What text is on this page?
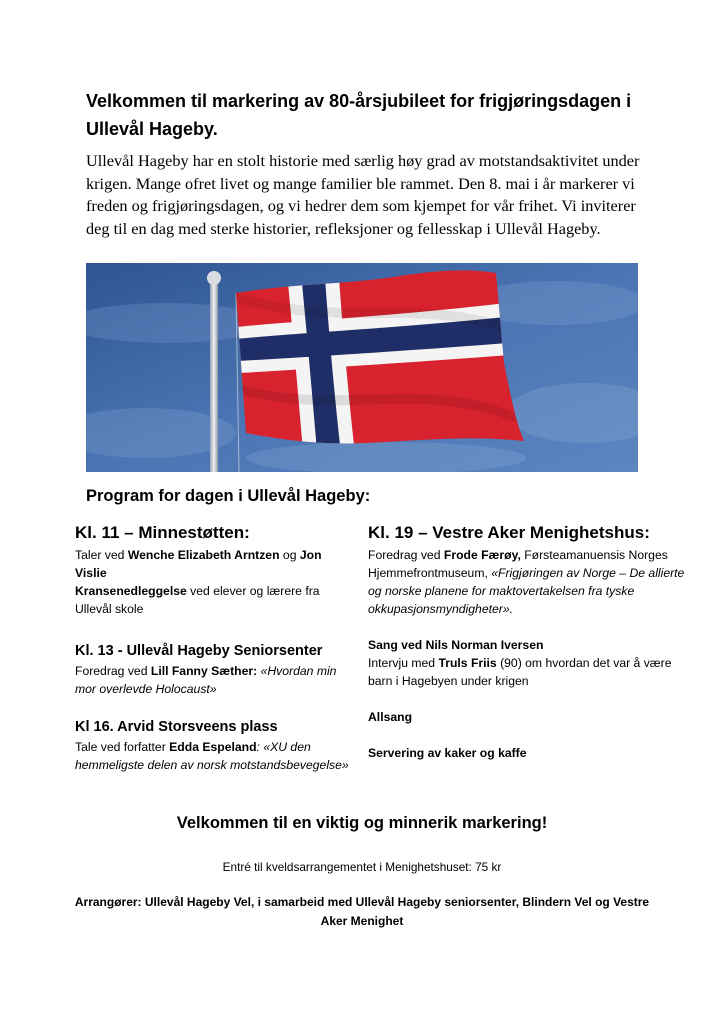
Velkommen til markering av 80-årsjubileet for frigjøringsdagen i Ullevål Hageby.
Ullevål Hageby har en stolt historie med særlig høy grad av motstandsaktivitet under krigen. Mange ofret livet og mange familier ble rammet. Den 8. mai i år markerer vi freden og frigjøringsdagen, og vi hedrer dem som kjempet for vår frihet. Vi inviterer deg til en dag med sterke historier, refleksjoner og fellesskap i Ullevål Hageby.
Program for dagen i Ullevål Hageby:
Kl. 11 – Minnestøtten:
Taler ved Wenche Elizabeth Arntzen og Jon Vislie
Kransenedleggelse ved elever og lærere fra Ullevål skole
Kl. 13 - Ullevål Hageby Seniorsenter
Foredrag ved Lill Fanny Sæther: «Hvordan min mor overlevde Holocaust»
Kl 16. Arvid Storsveens plass
Tale ved forfatter Edda Espeland: «XU den hemmeligste delen av norsk motstandsbevegelse»
Kl. 19 – Vestre Aker Menighetshus:
Foredrag ved Frode Færøy, Førsteamanuensis Norges Hjemmefrontmuseum, «Frigjøringen av Norge – De allierte og norske planene for maktovertakelsen fra tyske okkupasjonsmyndigheter».
Sang ved Nils Norman Iversen
Intervju med Truls Friis (90) om hvordan det var å være barn i Hagebyen under krigen
Allsang
Servering av kaker og kaffe
Velkommen til en viktig og minnerik markering!
Entré til kveldsarrangementet i Menighetshuset: 75 kr
Arrangører: Ullevål Hageby Vel, i samarbeid med Ullevål Hageby seniorsenter, Blindern Vel og Vestre Aker Menighet
